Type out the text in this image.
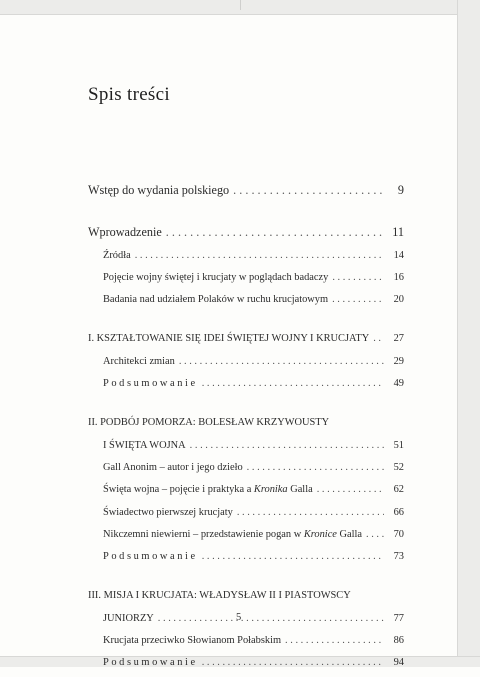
Spis treści
Wstęp do wydania polskiego . . .	9
Wprowadzenie . . .	11
Źródła . . .	14
Pojęcie wojny świętej i krucjaty w poglądach badaczy . . .	16
Badania nad udziałem Polaków w ruchu krucjatowym . . .	20
I. KSZTAŁTOWANIE SIĘ IDEI ŚWIĘTEJ WOJNY I KRUCJATY . . .	27
Architekci zmian . . .	29
Podsumowanie . . .	49
II. PODBÓJ POMORZA: BOLESŁAW KRZYWOUSTY
I ŚWIĘTA WOJNA . . .	51
Gall Anonim – autor i jego dzieło . . .	52
Święta wojna – pojęcie i praktyka a Kronika Galla . . .	62
Świadectwo pierwszej krucjaty . . .	66
Nikczemni niewierni – przedstawienie pogan w Kronice Galla . . .	70
Podsumowanie . . .	73
III. MISJA I KRUCJATA: WŁADYSŁAW II I PIASTOWSCY
JUNIORZY . . .	77
Krucjata przeciwko Słowianom Połabskim . . .	86
Podsumowanie . . .	94
5
